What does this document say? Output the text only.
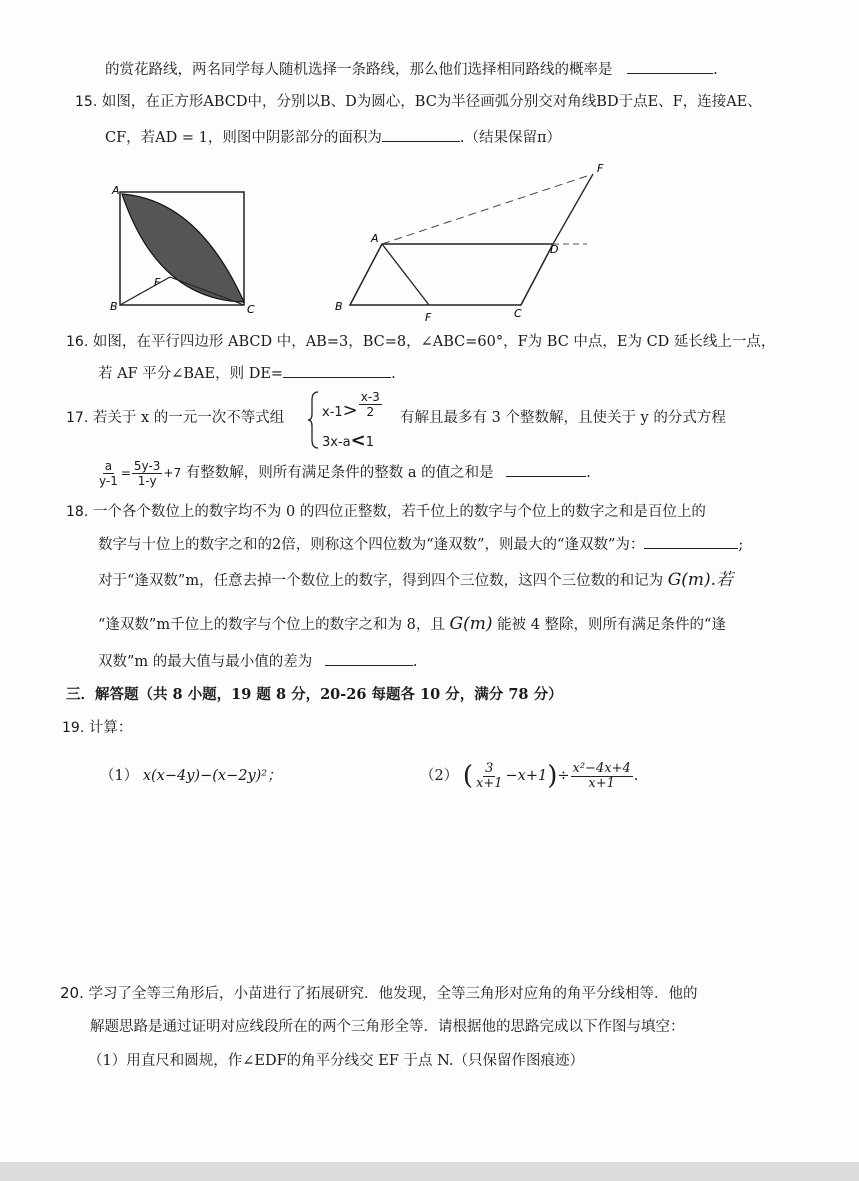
的赏花路线，两名同学每人随机选择一条路线，那么他们选择相同路线的概率是	.
15. 如图，在正方形ABCD中，分别以B、D为圆心，BC为半径画弧分别交对角线BD于点E、F，连接AE、
CF，若AD = 1，则图中阴影部分的面积为	.（结果保留π）
A
B	C
F
A
B
C
D
F
F
16. 如图，在平行四边形 ABCD 中，AB=3，BC=8，∠ABC=60°，F为 BC 中点，E为 CD 延长线上一点，
若 AF 平分∠BAE，则 DE=	.
17. 若关于 x 的一元一次不等式组	$x-1> \frac{x-3}{2}$
3x-a<1
有解且最多有 3 个整数解，且使关于 y 的分式方程
$\frac{a}{y-1} = \frac{5y-3}{1-y} +7$ 有整数解，则所有满足条件的整数 a 的值之和是	.
18. 一个各个数位上的数字均不为 0 的四位正整数，若千位上的数字与个位上的数字之和是百位上的
数字与十位上的数字之和的2倍，则称这个四位数为“逢双数”，则最大的“逢双数”为：	;
对于“逢双数”m，任意去掉一个数位上的数字，得到四个三位数，这四个三位数的和记为 G(m).若
“逢双数”m千位上的数字与个位上的数字之和为 8，且 G(m) 能被 4 整除，则所有满足条件的“逢
双数”m 的最大值与最小值的差为	.
三．解答题（共 8 小题，19 题 8 分，20-26 每题各 10 分，满分 78 分）
19. 计算：
（1） x(x−4y)−(x−2y)²；	（2） ( $\frac{3}{x+1} -x+1)\div \frac{\text{x²−4x+4}}{x+1}$ .
20. 学习了全等三角形后，小苗进行了拓展研究．他发现，全等三角形对应角的角平分线相等．他的
解题思路是通过证明对应线段所在的两个三角形全等．请根据他的思路完成以下作图与填空：
（1）用直尺和圆规，作∠EDF的角平分线交 EF 于点 N.（只保留作图痕迹）
